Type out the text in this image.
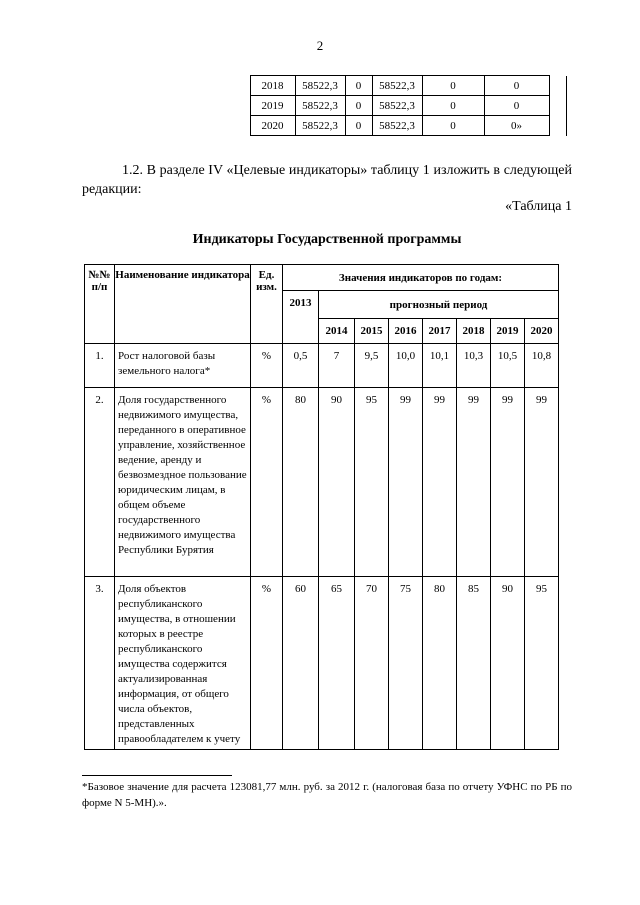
2
	2018	58522,3	0	58522,3	0	0	
	2019	58522,3	0	58522,3	0	0	
	2020	58522,3	0	58522,3	0	0»	
1.2. В разделе IV «Целевые индикаторы» таблицу 1 изложить в следующей редакции:
«Таблица 1
Индикаторы Государственной программы
№№ п/п	Наименование индикатора	Ед. изм.	Значения индикаторов по годам:							
			2013	прогнозный период						
				2014	2015	2016	2017	2018	2019	2020
1.	Рост налоговой базы земельного налога*	%	0,5	7	9,5	10,0	10,1	10,3	10,5	10,8
2.	Доля государственного недвижимого имущества, переданного в оперативное управление, хозяйственное ведение, аренду и безвозмездное пользование юридическим лицам, в общем объеме государственного недвижимого имущества Республики Бурятия	%	80	90	95	99	99	99	99	99
3.	Доля объектов республиканского имущества, в отношении которых в реестре республиканского имущества содержится актуализированная информация, от общего числа объектов, представленных правообладателем к учету	%	60	65	70	75	80	85	90	95
*Базовое значение для расчета 123081,77 млн. руб. за 2012 г. (налоговая база по отчету УФНС по РБ по форме N 5-МН).».
